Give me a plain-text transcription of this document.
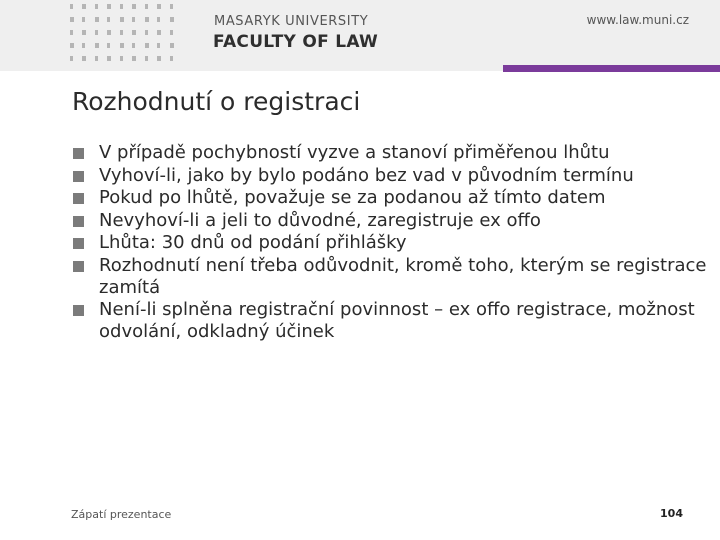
MASARYK UNIVERSITY
FACULTY OF LAW
www.law.muni.cz
Rozhodnutí o registraci
V případě pochybností vyzve a stanoví přiměřenou lhůtu
Vyhoví-li, jako by bylo podáno bez vad v původním termínu
Pokud po lhůtě, považuje se za podanou až tímto datem
Nevyhoví-li a jeli to důvodné, zaregistruje ex offo
Lhůta: 30 dnů od podání přihlášky
Rozhodnutí není třeba odůvodnit, kromě toho, kterým se registrace zamítá
Není-li splněna registrační povinnost – ex offo registrace, možnost odvolání, odkladný účinek
Zápatí prezentace	104
